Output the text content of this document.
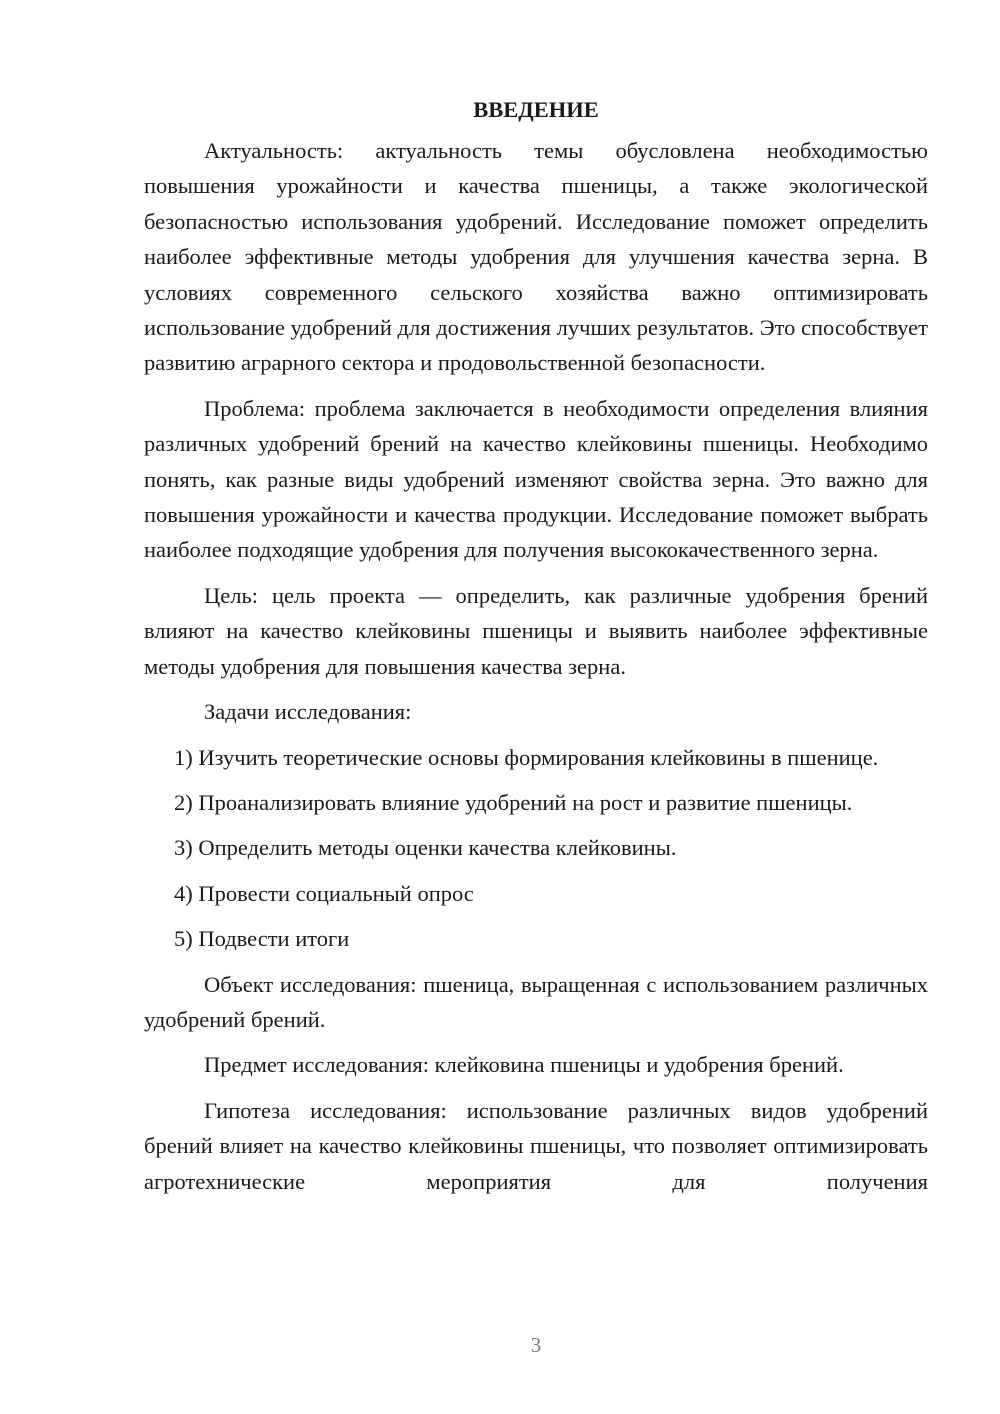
ВВЕДЕНИЕ

Актуальность: актуальность темы обусловлена необходимостью повышения урожайности и качества пшеницы, а также экологической безопасностью использования удобрений. Исследование поможет определить наиболее эффективные методы удобрения для улучшения качества зерна. В условиях современного сельского хозяйства важно оптимизировать использование удобрений для достижения лучших результатов. Это способствует развитию аграрного сектора и продовольственной безопасности.

Проблема: проблема заключается в необходимости определения влияния различных удобрений брений на качество клейковины пшеницы. Необходимо понять, как разные виды удобрений изменяют свойства зерна. Это важно для повышения урожайности и качества продукции. Исследование поможет выбрать наиболее подходящие удобрения для получения высококачественного зерна.

Цель: цель проекта — определить, как различные удобрения брений влияют на качество клейковины пшеницы и выявить наиболее эффективные методы удобрения для повышения качества зерна.

Задачи исследования:

1) Изучить теоретические основы формирования клейковины в пшенице.

2) Проанализировать влияние удобрений на рост и развитие пшеницы.

3) Определить методы оценки качества клейковины.

4) Провести социальный опрос

5) Подвести итоги

Объект исследования: пшеница, выращенная с использованием различных удобрений брений.

Предмет исследования: клейковина пшеницы и удобрения брений.

Гипотеза исследования: использование различных видов удобрений брений влияет на качество клейковины пшеницы, что позволяет оптимизировать агротехнические мероприятия для получения

3
